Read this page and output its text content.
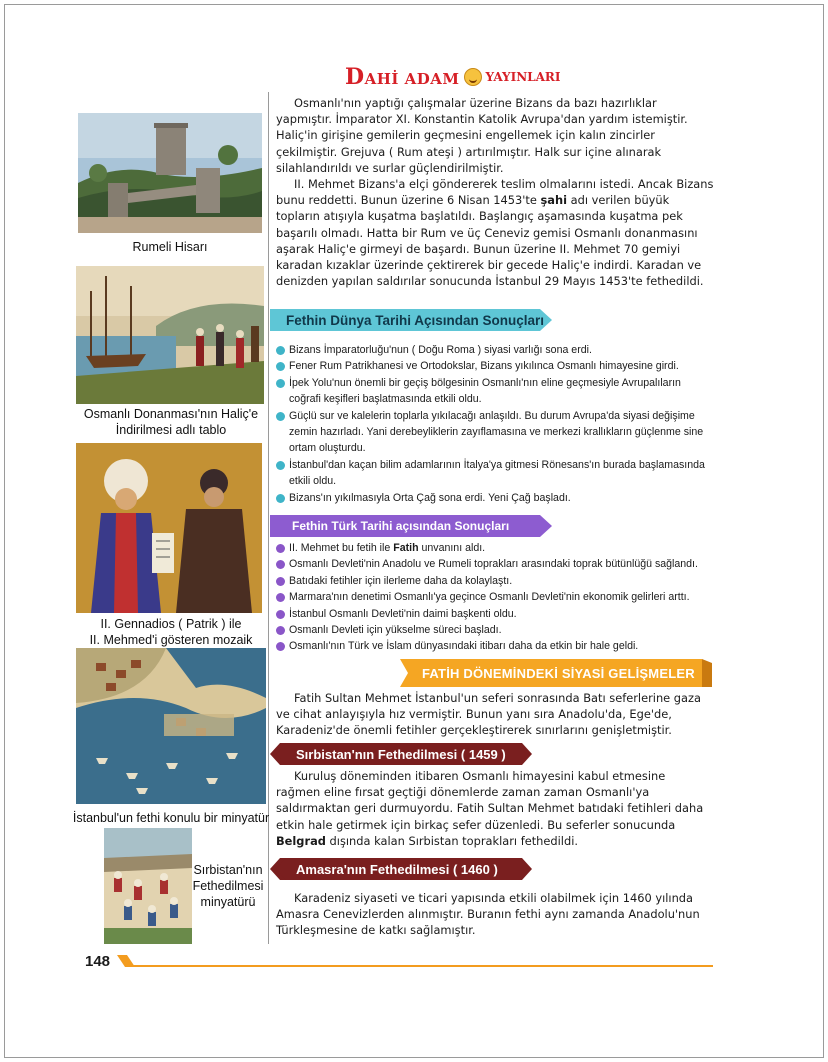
DAHİ ADAM YAYINLARI
Rumeli Hisarı
Osmanlı Donanması'nın Haliç'e
İndirilmesi adlı tablo
II. Gennadios ( Patrik ) ile
II. Mehmed'i gösteren mozaik
İstanbul'un fethi konulu bir minyatür
Sırbistan'nın
Fethedilmesi
minyatürü

Osmanlı'nın yaptığı çalışmalar üzerine Bizans da bazı hazırlıklar yapmıştır. İmparator XI. Konstantin Katolik Avrupa'dan yardım istemiştir. Haliç'in girişine gemilerin geçmesini engellemek için kalın zincirler çekilmiştir. Grejuva ( Rum ateşi ) artırılmıştır. Halk sur içine alınarak silahlandırıldı ve surlar güçlendirilmiştir.

II. Mehmet Bizans'a elçi göndererek teslim olmalarını istedi. Ancak Bizans bunu reddetti. Bunun üzerine 6 Nisan 1453'te şahi adı verilen büyük topların atışıyla kuşatma başlatıldı. Başlangıç aşamasında kuşatma pek başarılı olmadı. Hatta bir Rum ve üç Ceneviz gemisi Osmanlı donanmasını aşarak Haliç'e girmeyi de başardı. Bunun üzerine II. Mehmet 70 gemiyi karadan kızaklar üzerinde çektirerek bir gecede Haliç'e indirdi. Karadan ve denizden yapılan saldırılar sonucunda İstanbul 29 Mayıs 1453'te fethedildi.

Fethin Dünya Tarihi Açısından Sonuçları
Bizans İmparatorluğu'nun ( Doğu Roma ) siyasi varlığı sona erdi.
Fener Rum Patrikhanesi ve Ortodokslar, Bizans yıkılınca Osmanlı himayesine girdi.
İpek Yolu'nun önemli bir geçiş bölgesinin Osmanlı'nın eline geçmesiyle Avrupalıların coğrafi keşifleri başlatmasında etkili oldu.
Güçlü sur ve kalelerin toplarla yıkılacağı anlaşıldı. Bu durum Avrupa'da siyasi değişime zemin hazırladı. Yani derebeyliklerin zayıflamasına ve merkezi krallıkların güçlenme sine ortam oluşturdu.
İstanbul'dan kaçan bilim adamlarının İtalya'ya gitmesi Rönesans'ın burada başlamasında etkili oldu.
Bizans'ın yıkılmasıyla Orta Çağ sona erdi. Yeni Çağ başladı.
Fethin Türk Tarihi açısından Sonuçları
II. Mehmet bu fetih ile Fatih unvanını aldı.
Osmanlı Devleti'nin Anadolu ve Rumeli toprakları arasındaki toprak bütünlüğü sağlandı.
Batıdaki fetihler için ilerleme daha da kolaylaştı.
Marmara'nın denetimi Osmanlı'ya geçince Osmanlı Devleti'nin ekonomik gelirleri arttı.
İstanbul Osmanlı Devleti'nin daimi başkenti oldu.
Osmanlı Devleti için yükselme süreci başladı.
Osmanlı'nın Türk ve İslam dünyasındaki itibarı daha da etkin bir hale geldi.
FATİH DÖNEMİNDEKİ SİYASİ GELİŞMELER

Fatih Sultan Mehmet İstanbul'un seferi sonrasında Batı seferlerine gaza ve cihat anlayışıyla hız vermiştir. Bunun yanı sıra Anadolu'da, Ege'de, Karadeniz'de önemli fetihler gerçekleştirerek sınırlarını genişletmiştir.

Sırbistan'nın Fethedilmesi ( 1459 )

Kuruluş döneminden itibaren Osmanlı himayesini kabul etmesine rağmen eline fırsat geçtiği dönemlerde zaman zaman Osmanlı'ya saldırmaktan geri durmuyordu. Fatih Sultan Mehmet batıdaki fetihleri daha etkin hale getirmek için birkaç sefer düzenledi. Bu seferler sonucunda Belgrad dışında kalan Sırbistan toprakları fethedildi.

Amasra'nın Fethedilmesi ( 1460 )

Karadeniz siyaseti ve ticari yapısında etkili olabilmek için 1460 yılında Amasra Cenevizlerden alınmıştır. Buranın fethi aynı zamanda Anadolu'nun Türkleşmesine de katkı sağlamıştır.

148
